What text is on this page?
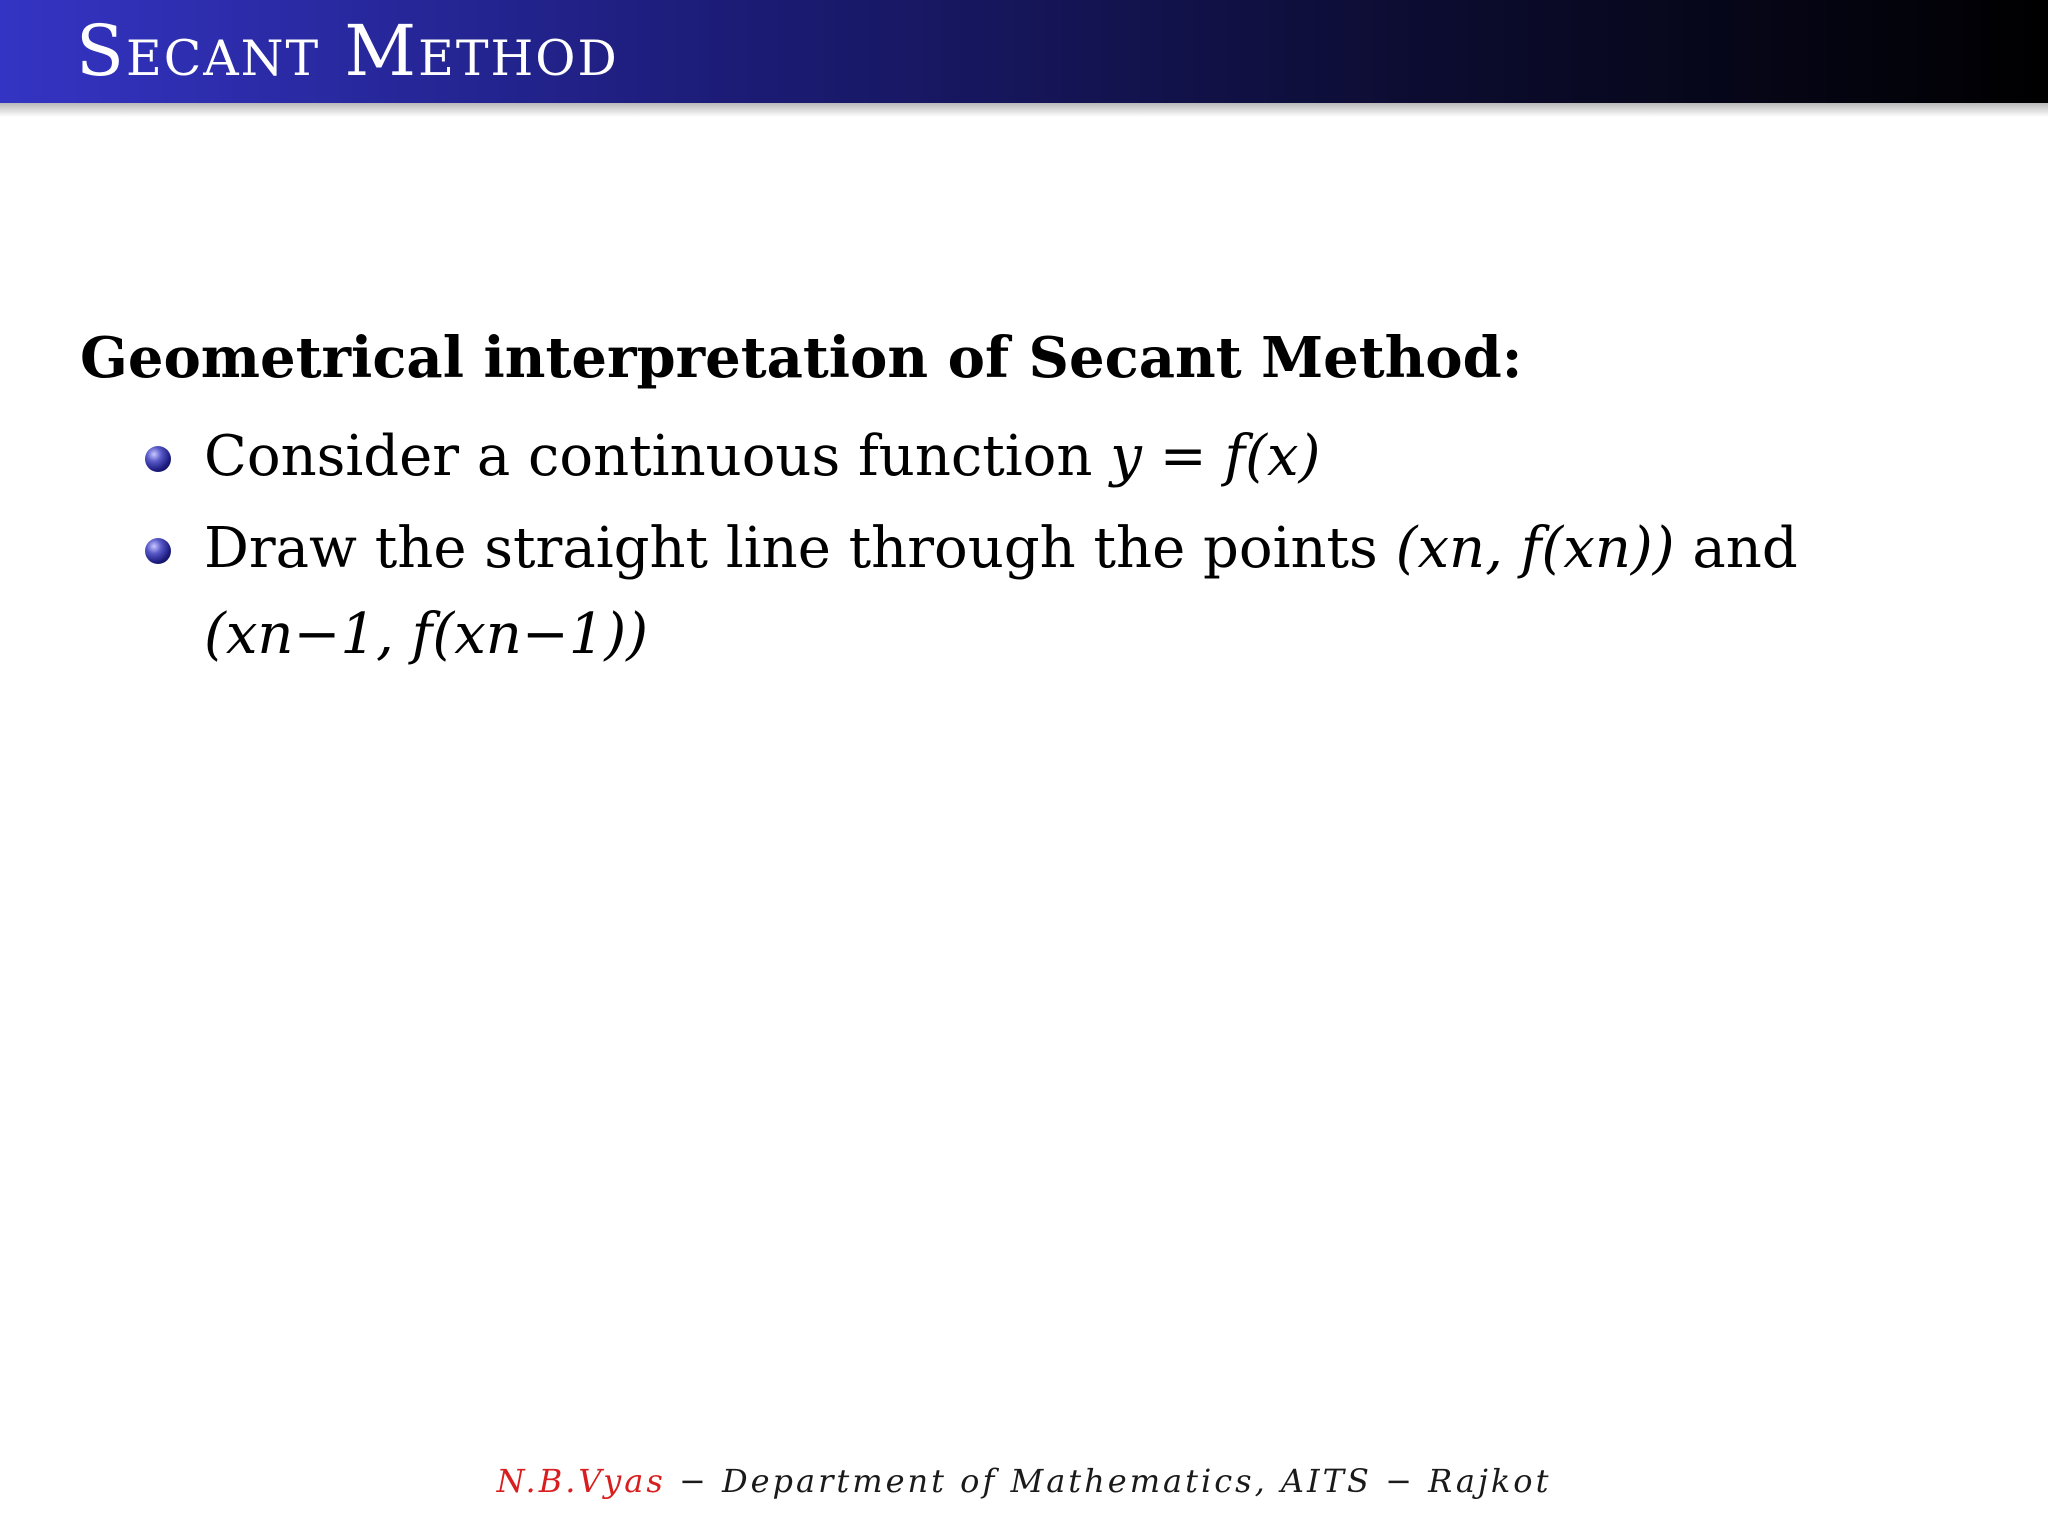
Secant Method
Geometrical interpretation of Secant Method:
Consider a continuous function y = f(x)
Draw the straight line through the points (xn, f(xn)) and
(xn−1, f(xn−1))
N.B.Vyas − Department of Mathematics, AITS − Rajkot
